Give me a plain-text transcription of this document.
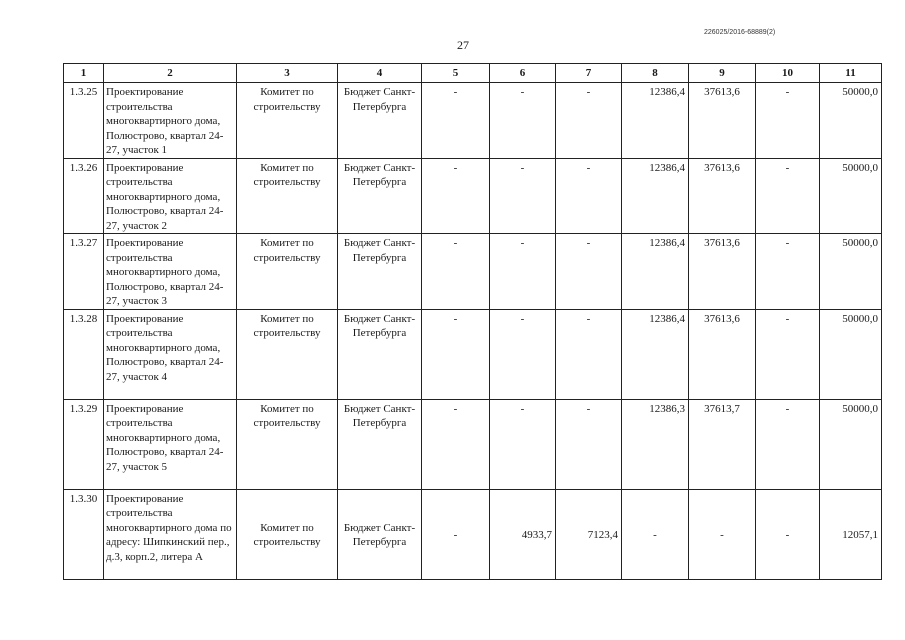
226025/2016-68889(2)
27
1	2	3	4	5	6	7	8	9	10	11
1.3.25	Проектирование строительства многоквартирного дома, Полюстрово, квартал 24-27, участок 1	Комитет по строительству	Бюджет Санкт-Петербурга	-	-	-	12386,4	37613,6	-	50000,0
1.3.26	Проектирование строительства многоквартирного дома, Полюстрово, квартал 24-27, участок 2	Комитет по строительству	Бюджет Санкт-Петербурга	-	-	-	12386,4	37613,6	-	50000,0
1.3.27	Проектирование строительства многоквартирного дома, Полюстрово, квартал 24-27, участок 3	Комитет по строительству	Бюджет Санкт-Петербурга	-	-	-	12386,4	37613,6	-	50000,0
1.3.28	Проектирование строительства многоквартирного дома, Полюстрово, квартал 24-27, участок 4	Комитет по строительству	Бюджет Санкт-Петербурга	-	-	-	12386,4	37613,6	-	50000,0
1.3.29	Проектирование строительства многоквартирного дома, Полюстрово, квартал 24-27, участок 5	Комитет по строительству	Бюджет Санкт-Петербурга	-	-	-	12386,3	37613,7	-	50000,0
1.3.30	Проектирование строительства многоквартирного дома по адресу: Шипкинский пер., д.3, корп.2, литера А	Комитет по строительству	Бюджет Санкт-Петербурга	-	4933,7	7123,4	-	-	-	12057,1
